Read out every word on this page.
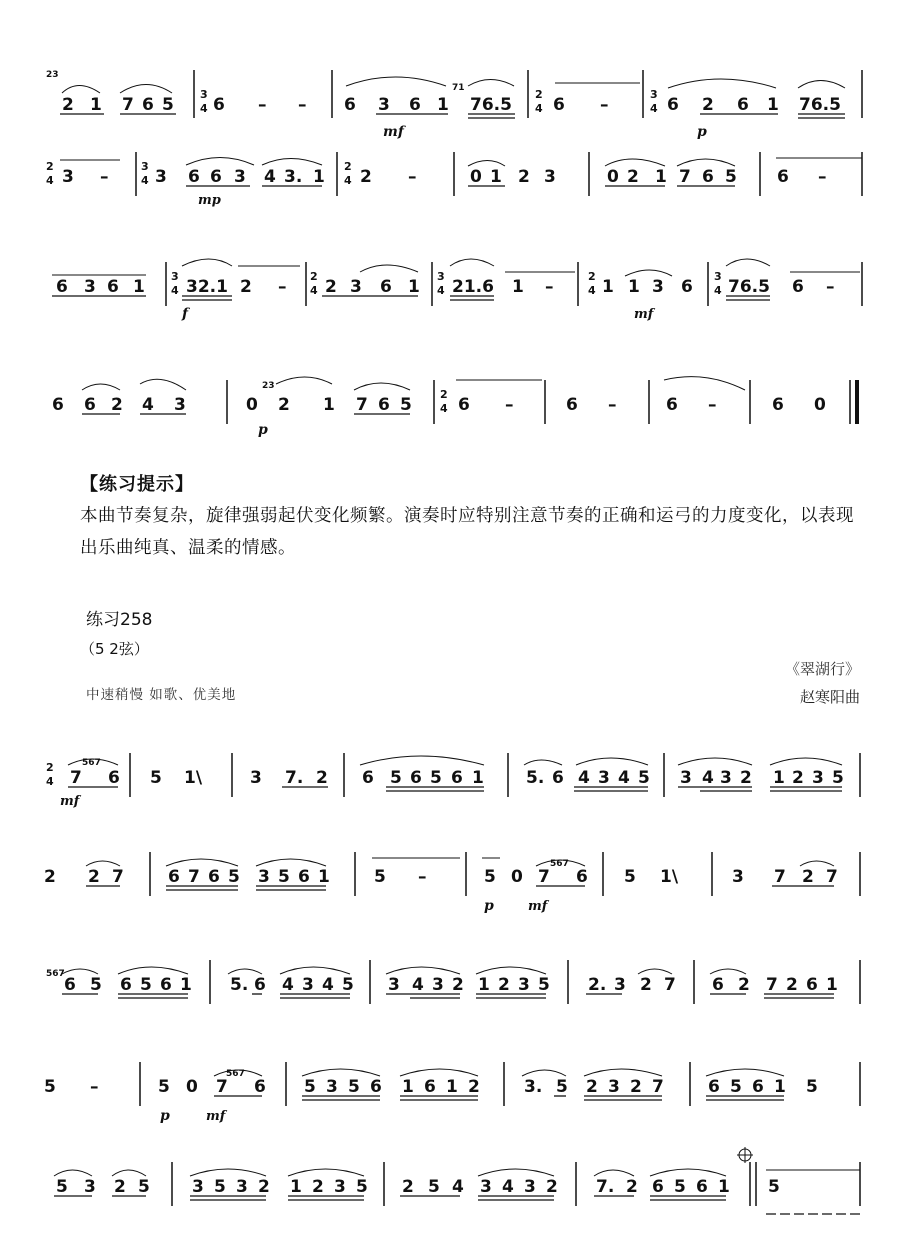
23
2 1 7 6 5
3
4 6 – – 6 3 6 1 76.5
2
4 6 –
3
4 6 2 6 1 76.5
mf	p
71
2
4 3 –
3
4 3 6 6 3 4 3. 1
2
4 2 –	0 1 2 3	0 2 1 7 6 5 6 –
mp
6 3 6 1
3
4 32.1 2 –
2
4 2 3 6 1
3
4 21.6 1 –
2
4 1 1 3 6
3
4 76.5 6 –
f	mf
6 6 2 4 3	0
23
2 1 7 6 5
2
4 6 –	6 –	6 –	6 0
p
【练习提示】
本曲节奏复杂，旋律强弱起伏变化频繁。演奏时应特别注意节奏的正确和运弓的力度变化，以表现出乐曲纯真、温柔的情感。
练习258
（5 2弦）
中速稍慢 如歌、优美地
《翠湖行》
赵寒阳曲
2
4
567
7 6 5 1\	3 7. 2 6 5 6 5 6 1 5. 6 4 3 4 5 3 4 3 2 1 2 3 5
mf
2 2 7	6 7 6 5 3 5 6 1	5 –	5 0
567
7 6 5 1\	3 7 2 7
p	mf
567
6 5 6 5 6 1 5. 6 4 3 4 5 3 4 3 2 1 2 3 5 2. 3 2 7 6 2 7 2 6 1
5 –	5 0
567
7 6 5 3 5 6 1 6 1 2	3. 5 2 3 2 7	6 5 6 1 5
p	mf
5 3 2 5 3 5 3 2 1 2 3 5 2 5 4 3 4 3 2 7. 2 6 5 6 1 5
